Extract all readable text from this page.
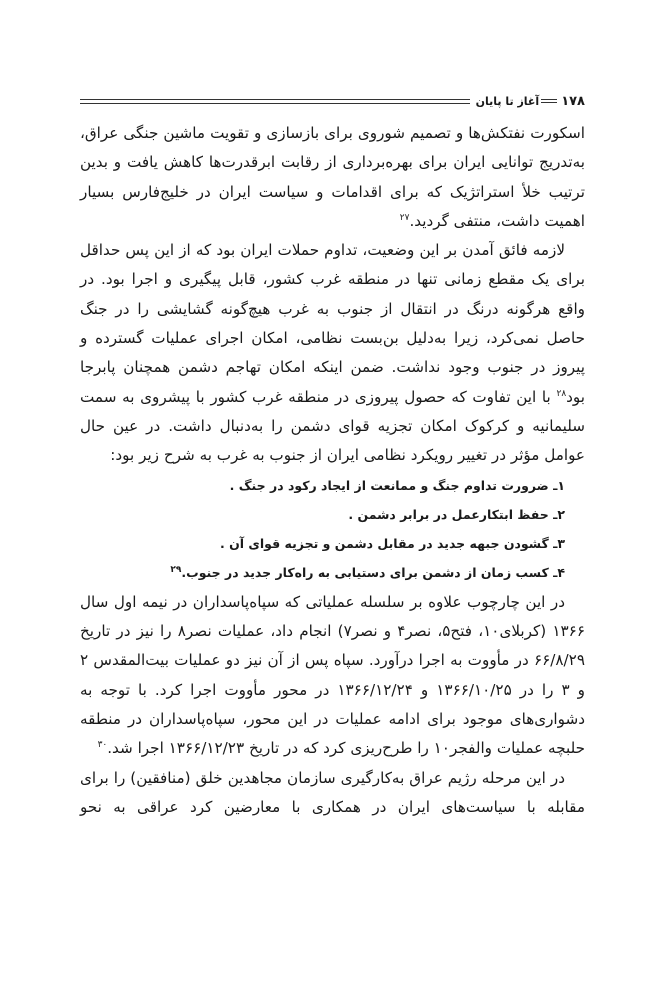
۱۷۸
آغاز تا پایان

اسکورت نفتکش‌ها و تصمیم شوروی برای بازسازی و تقویت ماشین جنگی عراق، به‌تدریج توانایی ایران برای بهره‌برداری از رقابت ابرقدرت‌ها کاهش یافت و بدین ترتیب خلأ استراتژیک که برای اقدامات و سیاست ایران در خلیج‌فارس بسیار اهمیت داشت، منتفی گردید.$^{۲۷}$

لازمه فائق آمدن بر این وضعیت، تداوم حملات ایران بود که از این پس حداقل برای یک مقطع زمانی تنها در منطقه غرب کشور، قابل پیگیری و اجرا بود. در واقع هرگونه درنگ در انتقال از جنوب به غرب هیچ‌گونه گشایشی را در جنگ حاصل نمی‌کرد، زیرا به‌دلیل بن‌بست نظامی، امکان اجرای عملیات گسترده و پیروز در جنوب وجود نداشت. ضمن اینکه امکان تهاجم دشمن همچنان پابرجا بود$^{۲۸}$ با این تفاوت که حصول پیروزی در منطقه غرب کشور با پیشروی به سمت سلیمانیه و کرکوک امکان تجزیه قوای دشمن را به‌دنبال داشت. در عین حال عوامل مؤثر در تغییر رویکرد نظامی ایران از جنوب به غرب به شرح زیر بود:

۱ـ ضرورت تداوم جنگ و ممانعت از ایجاد رکود در جنگ .
۲ـ حفظ ابتکارعمل در برابر دشمن .
۳ـ گشودن جبهه جدید در مقابل دشمن و تجزیه قوای آن .
۴ـ کسب زمان از دشمن برای دستیابی به راه‌کار جدید در جنوب.$^{۲۹}$

در این چارچوب علاوه بر سلسله عملیاتی که سپاه‌پاسداران در نیمه اول سال ۱۳۶۶ (کربلای۱۰، فتح۵، نصر۴ و نصر۷) انجام داد، عملیات نصر۸ را نیز در تاریخ ۶۶/۸/۲۹ در مأووت به اجرا درآورد. سپاه پس از آن نیز دو عملیات بیت‌المقدس ۲ و ۳ را در ۱۳۶۶/۱۰/۲۵ و ۱۳۶۶/۱۲/۲۴ در محور مأووت اجرا کرد. با توجه به دشواری‌های موجود برای ادامه عملیات در این محور، سپاه‌پاسداران در منطقه حلبچه عملیات والفجر۱۰ را طرح‌ریزی کرد که در تاریخ ۱۳۶۶/۱۲/۲۳ اجرا شد.$^{۳۰}$

در این مرحله رژیم عراق به‌کارگیری سازمان مجاهدین خلق (منافقین) را برای مقابله با سیاست‌های ایران در همکاری با معارضین کرد عراقی به نحو
